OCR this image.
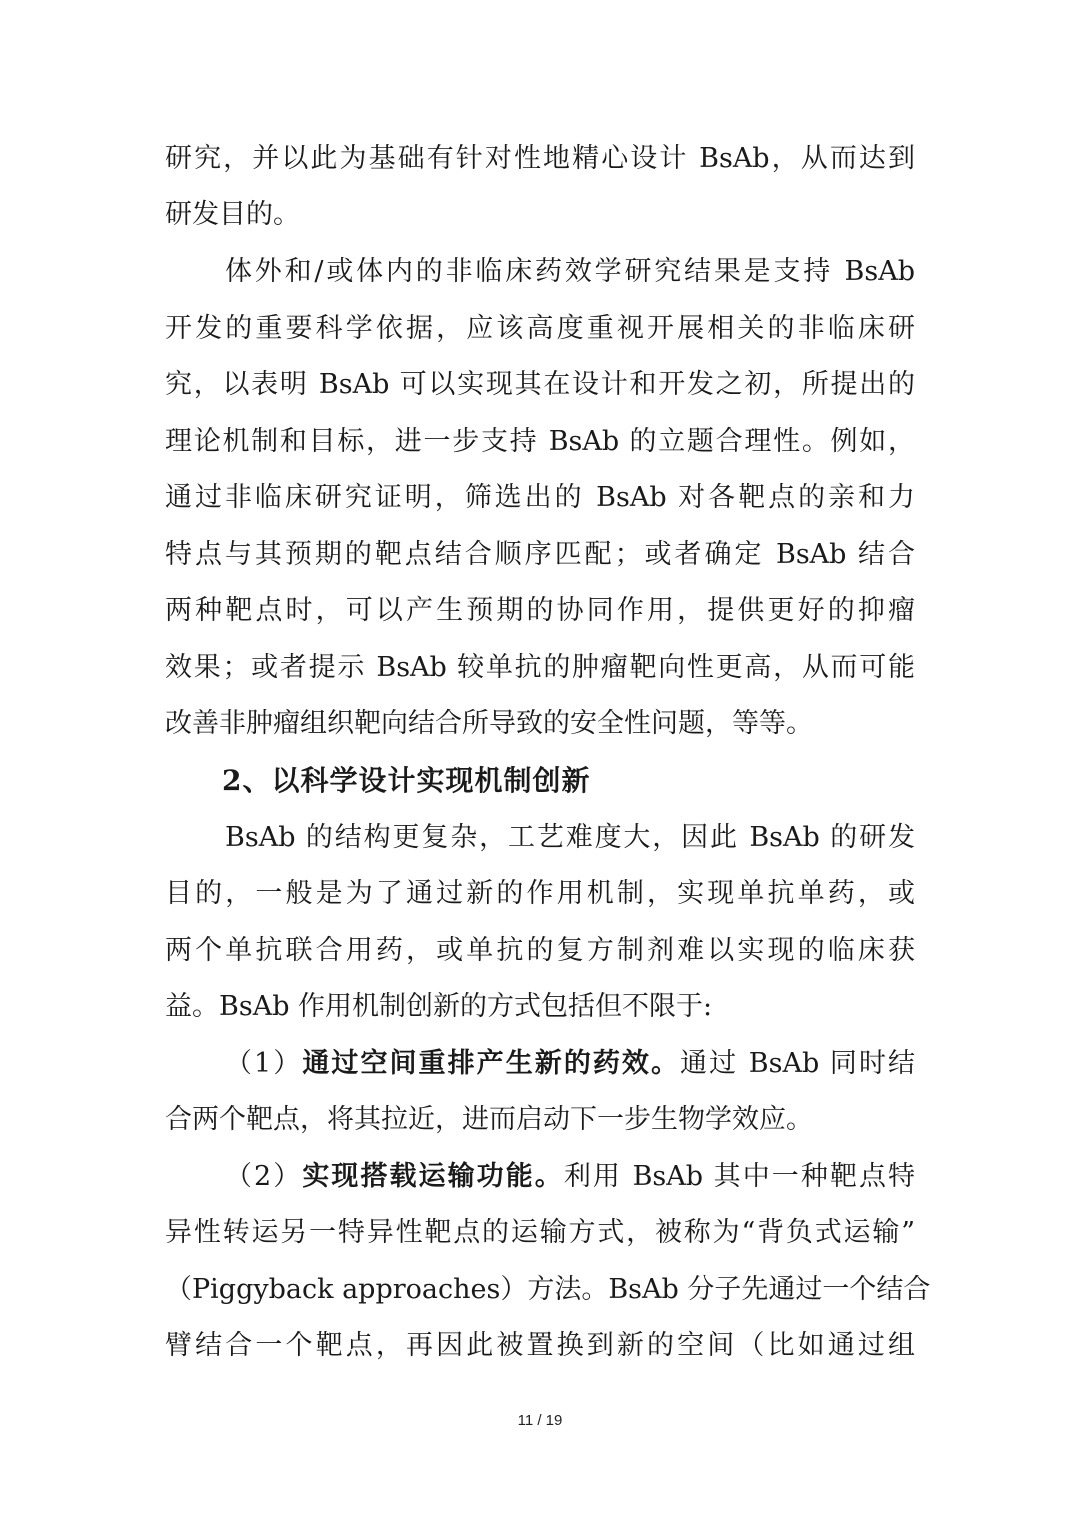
研究，并以此为基础有针对性地精心设计 BsAb，从而达到
研发目的。
体外和/或体内的非临床药效学研究结果是支持 BsAb
开发的重要科学依据，应该高度重视开展相关的非临床研
究，以表明 BsAb 可以实现其在设计和开发之初，所提出的
理论机制和目标，进一步支持 BsAb 的立题合理性。例如，
通过非临床研究证明，筛选出的 BsAb 对各靶点的亲和力
特点与其预期的靶点结合顺序匹配；或者确定 BsAb 结合
两种靶点时，可以产生预期的协同作用，提供更好的抑瘤
效果；或者提示 BsAb 较单抗的肿瘤靶向性更高，从而可能
改善非肿瘤组织靶向结合所导致的安全性问题，等等。
2、以科学设计实现机制创新
BsAb 的结构更复杂，工艺难度大，因此 BsAb 的研发
目的，一般是为了通过新的作用机制，实现单抗单药，或
两个单抗联合用药，或单抗的复方制剂难以实现的临床获
益。BsAb 作用机制创新的方式包括但不限于:
（1）通过空间重排产生新的药效。通过 BsAb 同时结
合两个靶点，将其拉近，进而启动下一步生物学效应。
（2）实现搭载运输功能。利用 BsAb 其中一种靶点特
异性转运另一特异性靶点的运输方式，被称为“背负式运输”
（Piggyback approaches）方法。BsAb 分子先通过一个结合
臂结合一个靶点，再因此被置换到新的空间（比如通过组
11 / 19
